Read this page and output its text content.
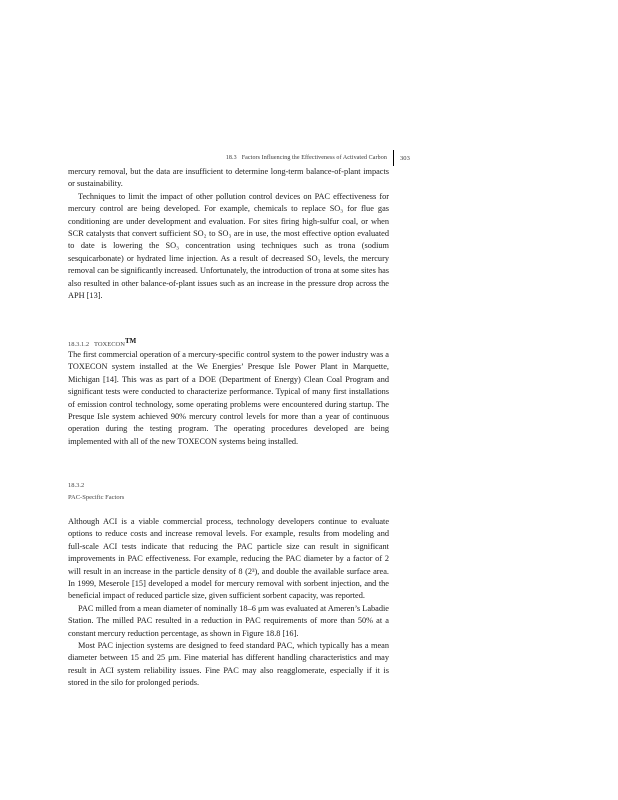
18.3 Factors Influencing the Effectiveness of Activated Carbon 303

mercury removal, but the data are insufficient to determine long-term balance-of-plant impacts or sustainability.

Techniques to limit the impact of other pollution control devices on PAC effectiveness for mercury control are being developed. For example, chemicals to replace SO₃ for flue gas conditioning are under development and evaluation. For sites firing high-sulfur coal, or when SCR catalysts that convert sufficient SO₂ to SO₃ are in use, the most effective option evaluated to date is lowering the SO₃ concentration using techniques such as trona (sodium sesquicarbonate) or hydrated lime injection. As a result of decreased SO₃ levels, the mercury removal can be significantly increased. Unfortunately, the introduction of trona at some sites has also resulted in other balance-of-plant issues such as an increase in the pressure drop across the APH [13].

18.3.1.2 TOXECONTM

The first commercial operation of a mercury-specific control system to the power industry was a TOXECON system installed at the We Energies’ Presque Isle Power Plant in Marquette, Michigan [14]. This was as part of a DOE (Department of Energy) Clean Coal Program and significant tests were conducted to characterize performance. Typical of many first installations of emission control technology, some operating problems were encountered during startup. The Presque Isle system achieved 90% mercury control levels for more than a year of continuous operation during the testing program. The operating procedures developed are being implemented with all of the new TOXECON systems being installed.

18.3.2
PAC-Specific Factors

Although ACI is a viable commercial process, technology developers continue to evaluate options to reduce costs and increase removal levels. For example, results from modeling and full-scale ACI tests indicate that reducing the PAC particle size can result in significant improvements in PAC effectiveness. For example, reducing the PAC diameter by a factor of 2 will result in an increase in the particle density of 8 (2³), and double the available surface area. In 1999, Meserole [15] developed a model for mercury removal with sorbent injection, and the beneficial impact of reduced particle size, given sufficient sorbent capacity, was reported.

PAC milled from a mean diameter of nominally 18–6 μm was evaluated at Ameren’s Labadie Station. The milled PAC resulted in a reduction in PAC requirements of more than 50% at a constant mercury reduction percentage, as shown in Figure 18.8 [16].

Most PAC injection systems are designed to feed standard PAC, which typically has a mean diameter between 15 and 25 μm. Fine material has different handling characteristics and may result in ACI system reliability issues. Fine PAC may also reagglomerate, especially if it is stored in the silo for prolonged periods.
